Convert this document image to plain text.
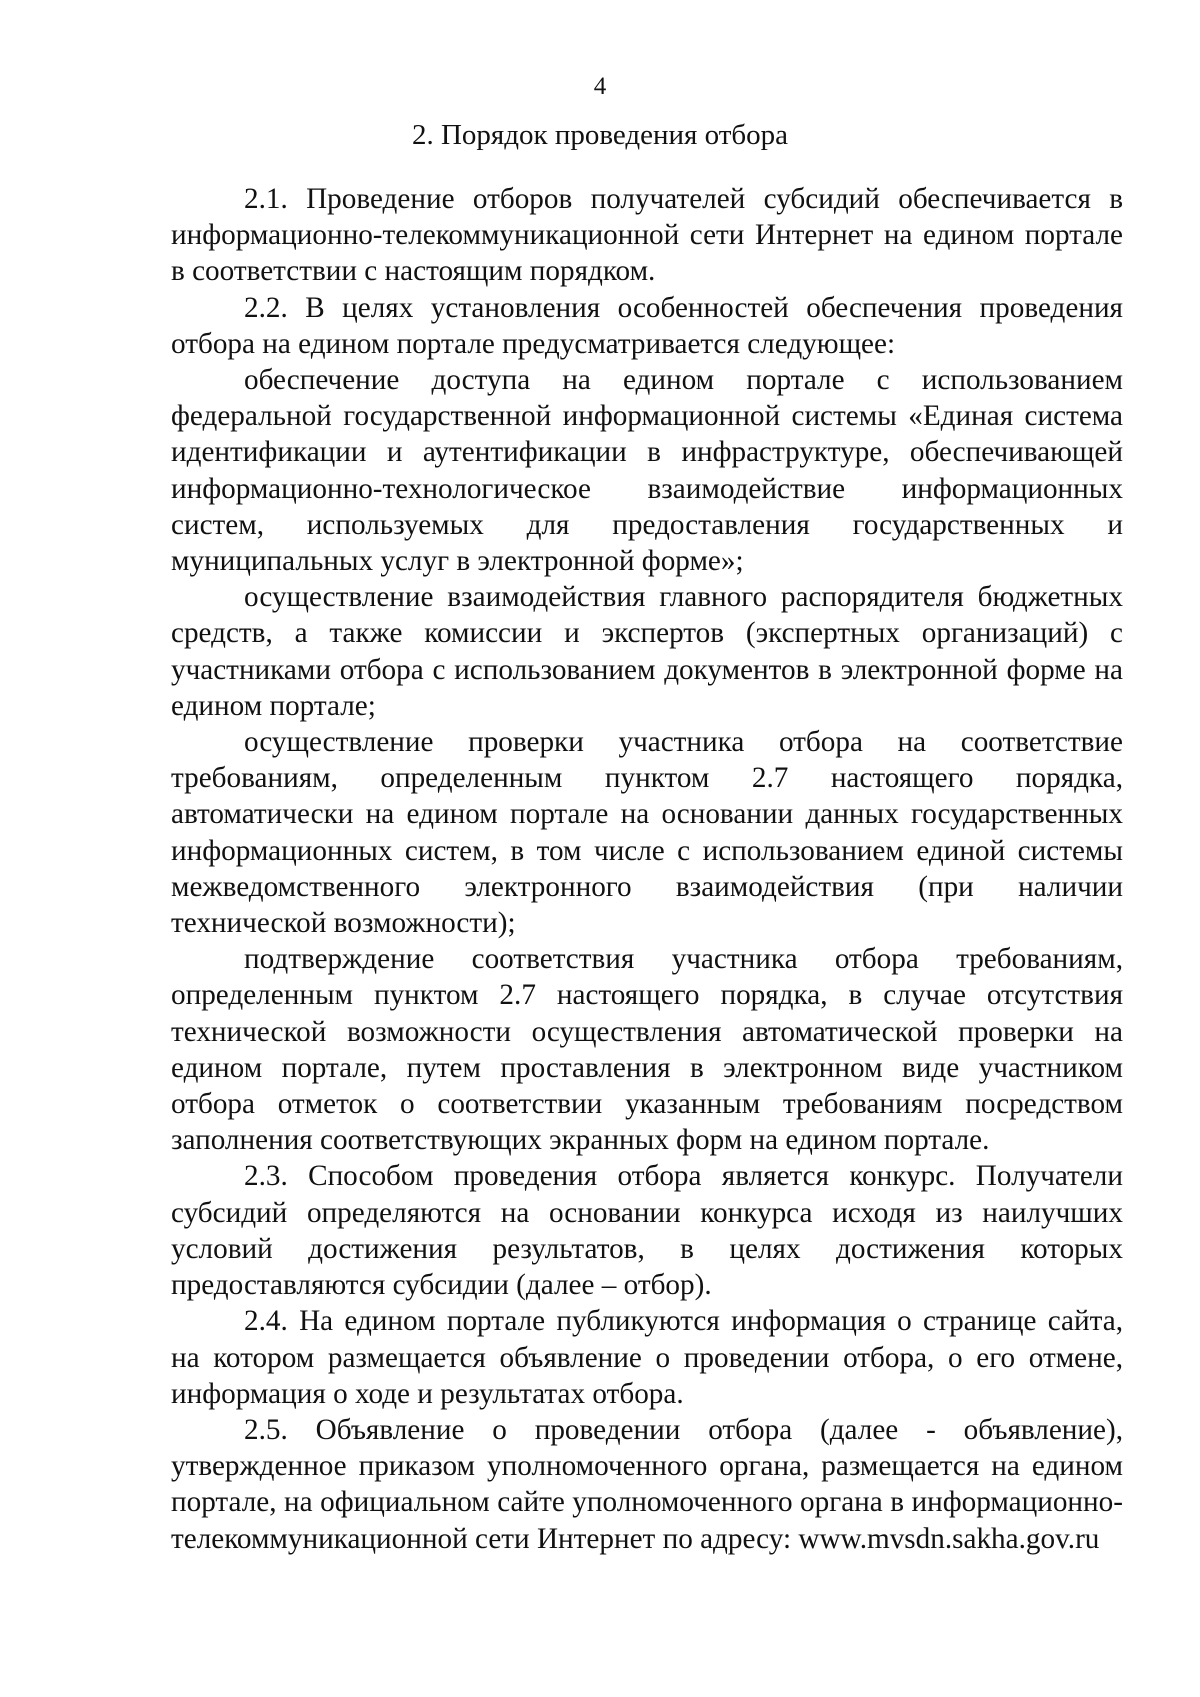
4
2. Порядок проведения отбора

2.1. Проведение отборов получателей субсидий обеспечивается в информационно-телекоммуникационной сети Интернет на едином портале в соответствии с настоящим порядком.

2.2. В целях установления особенностей обеспечения проведения отбора на едином портале предусматривается следующее:

обеспечение доступа на едином портале с использованием федеральной государственной информационной системы «Единая система идентификации и аутентификации в инфраструктуре, обеспечивающей информационно-технологическое взаимодействие информационных систем, используемых для предоставления государственных и муниципальных услуг в электронной форме»;

осуществление взаимодействия главного распорядителя бюджетных средств, а также комиссии и экспертов (экспертных организаций) с участниками отбора с использованием документов в электронной форме на едином портале;

осуществление проверки участника отбора на соответствие требованиям, определенным пунктом 2.7 настоящего порядка, автоматически на едином портале на основании данных государственных информационных систем, в том числе с использованием единой системы межведомственного электронного взаимодействия (при наличии технической возможности);

подтверждение соответствия участника отбора требованиям, определенным пунктом 2.7 настоящего порядка, в случае отсутствия технической возможности осуществления автоматической проверки на едином портале, путем проставления в электронном виде участником отбора отметок о соответствии указанным требованиям посредством заполнения соответствующих экранных форм на едином портале.

2.3. Способом проведения отбора является конкурс. Получатели субсидий определяются на основании конкурса исходя из наилучших условий достижения результатов, в целях достижения которых предоставляются субсидии (далее – отбор).

2.4. На едином портале публикуются информация о странице сайта, на котором размещается объявление о проведении отбора, о его отмене, информация о ходе и результатах отбора.

2.5. Объявление о проведении отбора (далее - объявление), утвержденное приказом уполномоченного органа, размещается на едином портале, на официальном сайте уполномоченного органа в информационно-телекоммуникационной сети Интернет по адресу: www.mvsdn.sakha.gov.ru
